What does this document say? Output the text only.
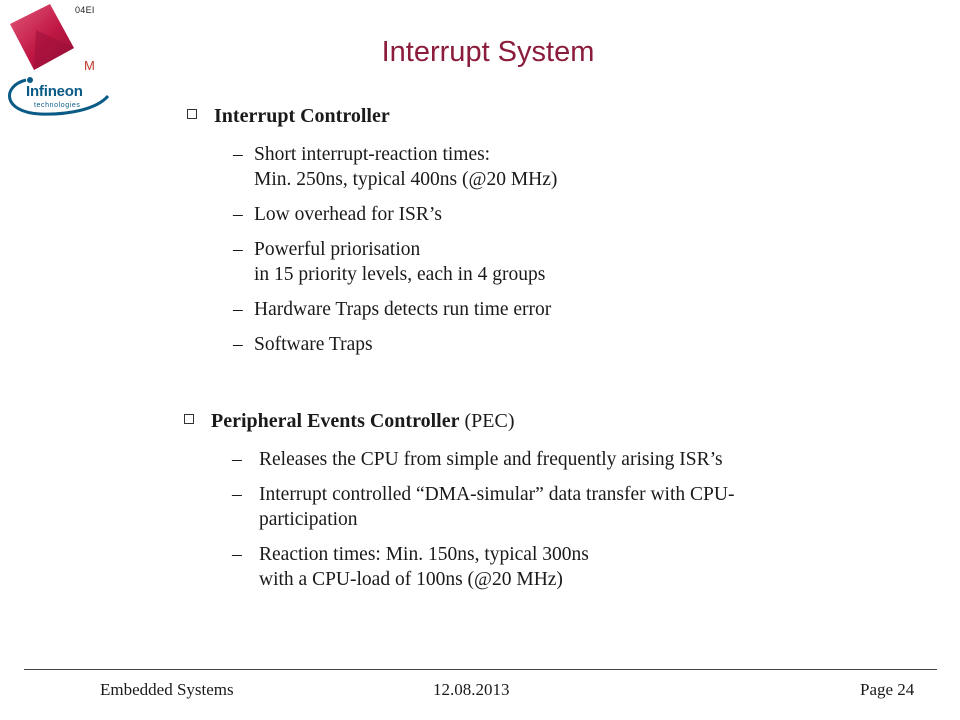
04EI
M
Infineon
technologies
Interrupt System
Interrupt Controller
– Short interrupt-reaction times:
Min. 250ns, typical 400ns (@20 MHz)
– Low overhead for ISR’s
– Powerful priorisation
in 15 priority levels, each in 4 groups
– Hardware Traps detects run time error
– Software Traps
Peripheral Events Controller (PEC)
– Releases the CPU from simple and frequently arising ISR’s
– Interrupt controlled “DMA-simular” data transfer with CPU-
participation
– Reaction times: Min. 150ns, typical 300ns
with a CPU-load of 100ns (@20 MHz)
Embedded Systems	12.08.2013	Page 24
